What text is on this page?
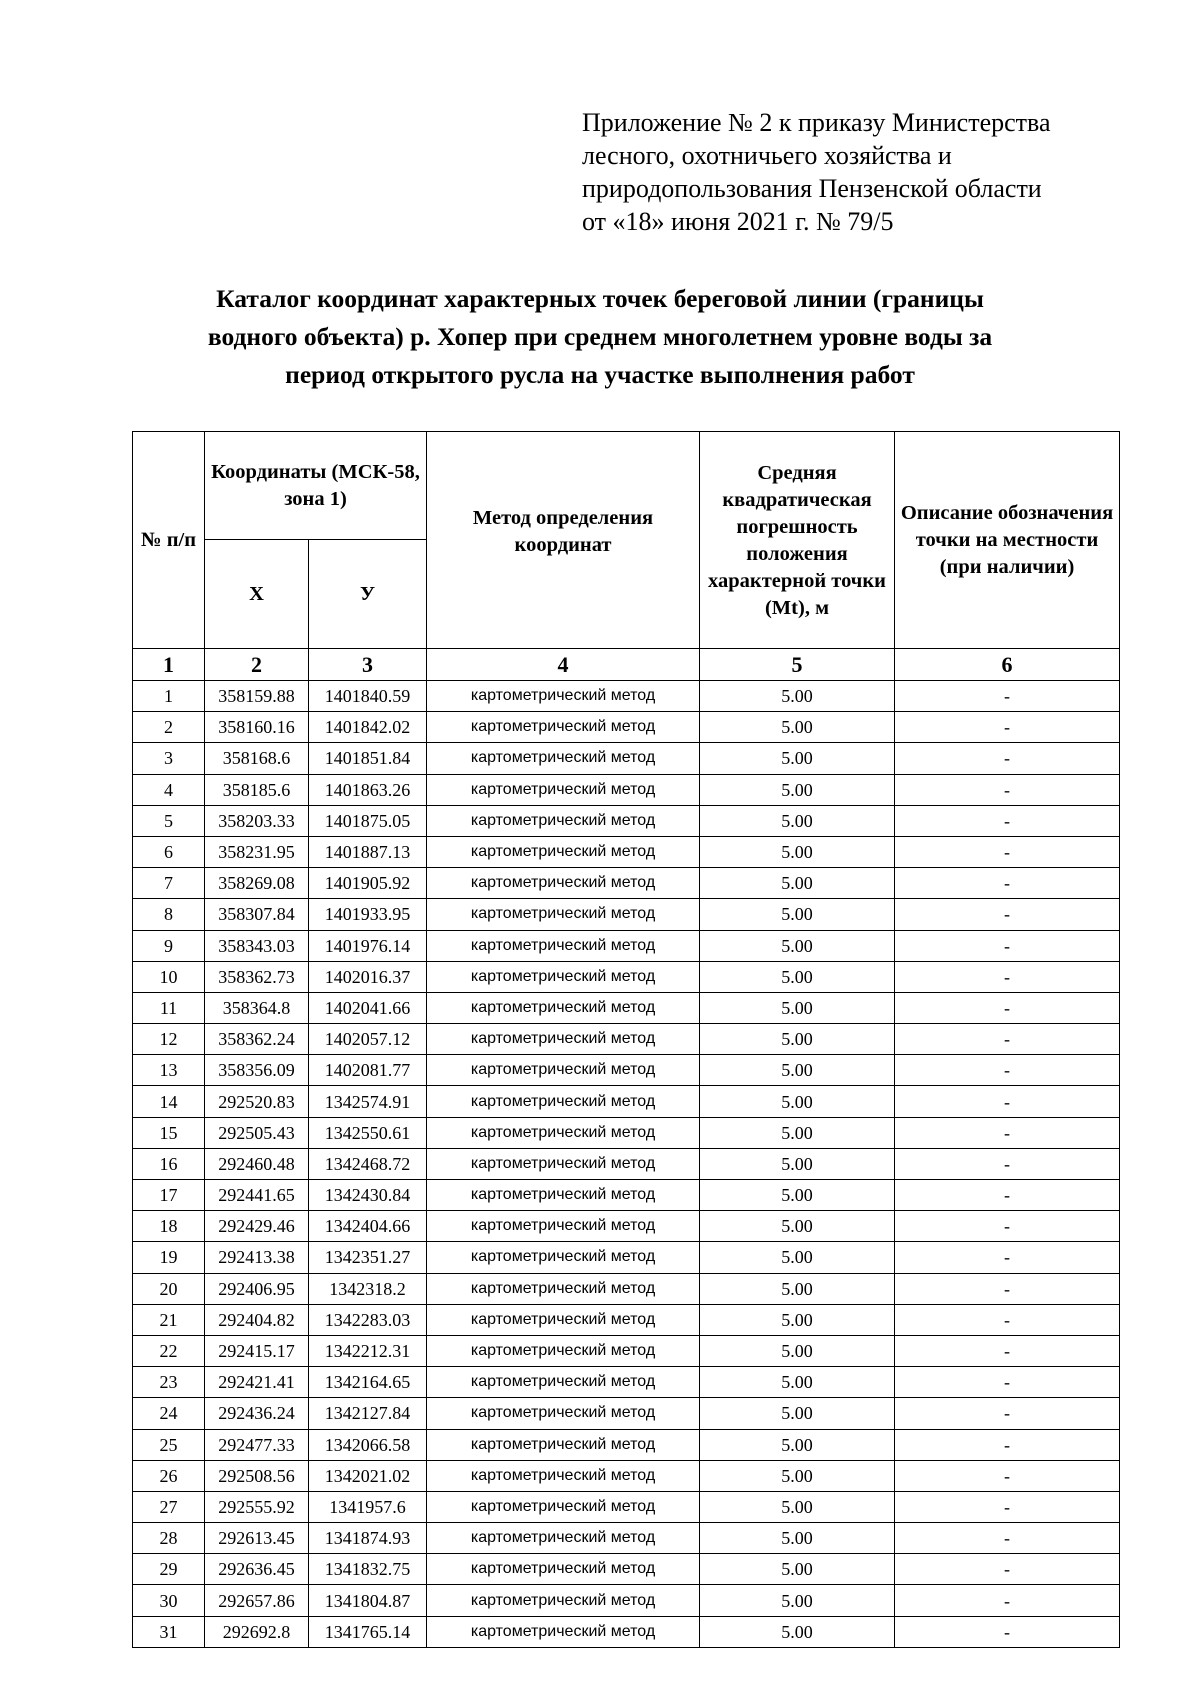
Приложение № 2 к приказу Министерства
лесного, охотничьего хозяйства и
природопользования Пензенской области
от «18» июня 2021 г. № 79/5
Каталог координат характерных точек береговой линии (границы
водного объекта) р. Хопер при среднем многолетнем уровне воды за
период открытого русла на участке выполнения работ
№ п/п	Координаты (МСК-58, зона 1)		Метод определения координат	Средняя квадратическая погрешность положения характерной точки (Mt), м	Описание обозначения точки на местности (при наличии)
	Х	У			
1	2	3	4	5	6
1	358159.88	1401840.59	картометрический метод	5.00	-
2	358160.16	1401842.02	картометрический метод	5.00	-
3	358168.6	1401851.84	картометрический метод	5.00	-
4	358185.6	1401863.26	картометрический метод	5.00	-
5	358203.33	1401875.05	картометрический метод	5.00	-
6	358231.95	1401887.13	картометрический метод	5.00	-
7	358269.08	1401905.92	картометрический метод	5.00	-
8	358307.84	1401933.95	картометрический метод	5.00	-
9	358343.03	1401976.14	картометрический метод	5.00	-
10	358362.73	1402016.37	картометрический метод	5.00	-
11	358364.8	1402041.66	картометрический метод	5.00	-
12	358362.24	1402057.12	картометрический метод	5.00	-
13	358356.09	1402081.77	картометрический метод	5.00	-
14	292520.83	1342574.91	картометрический метод	5.00	-
15	292505.43	1342550.61	картометрический метод	5.00	-
16	292460.48	1342468.72	картометрический метод	5.00	-
17	292441.65	1342430.84	картометрический метод	5.00	-
18	292429.46	1342404.66	картометрический метод	5.00	-
19	292413.38	1342351.27	картометрический метод	5.00	-
20	292406.95	1342318.2	картометрический метод	5.00	-
21	292404.82	1342283.03	картометрический метод	5.00	-
22	292415.17	1342212.31	картометрический метод	5.00	-
23	292421.41	1342164.65	картометрический метод	5.00	-
24	292436.24	1342127.84	картометрический метод	5.00	-
25	292477.33	1342066.58	картометрический метод	5.00	-
26	292508.56	1342021.02	картометрический метод	5.00	-
27	292555.92	1341957.6	картометрический метод	5.00	-
28	292613.45	1341874.93	картометрический метод	5.00	-
29	292636.45	1341832.75	картометрический метод	5.00	-
30	292657.86	1341804.87	картометрический метод	5.00	-
31	292692.8	1341765.14	картометрический метод	5.00	-
